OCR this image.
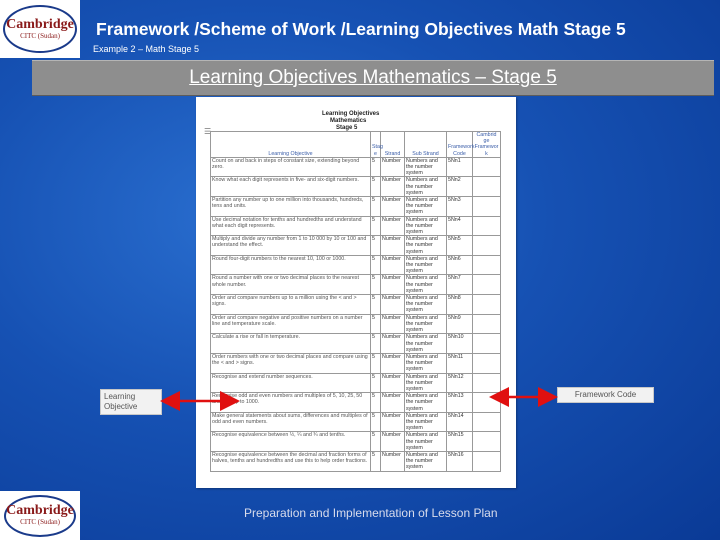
Cambridge
CITC (Sudan) Framework /Scheme of Work /Learning Objectives Math Stage 5
Example 2 – Math Stage 5
Learning Objectives Mathematics – Stage 5
Learning Objectives
Mathematics
Stage 5
☰
Learning Objective	Stag e	Strand	Sub Strand	Framework Code	Cambrid ge Framewor k
Count on and back in steps of constant size, extending beyond zero.	5	Number	Numbers and the number system	5Nn1	
Know what each digit represents in five- and six-digit numbers.	5	Number	Numbers and the number system	5Nn2	
Partition any number up to one million into thousands, hundreds, tens and units.	5	Number	Numbers and the number system	5Nn3	
Use decimal notation for tenths and hundredths and understand what each digit represents.	5	Number	Numbers and the number system	5Nn4	
Multiply and divide any number from 1 to 10 000 by 10 or 100 and understand the effect.	5	Number	Numbers and the number system	5Nn5	
Round four-digit numbers to the nearest 10, 100 or 1000.	5	Number	Numbers and the number system	5Nn6	
Round a number with one or two decimal places to the nearest whole number.	5	Number	Numbers and the number system	5Nn7	
Order and compare numbers up to a million using the < and > signs.	5	Number	Numbers and the number system	5Nn8	
Order and compare negative and positive numbers on a number line and temperature scale.	5	Number	Numbers and the number system	5Nn9	
Calculate a rise or fall in temperature.	5	Number	Numbers and the number system	5Nn10	
Order numbers with one or two decimal places and compare using the < and > signs.	5	Number	Numbers and the number system	5Nn11	
Recognise and extend number sequences.	5	Number	Numbers and the number system	5Nn12	
Recognise odd and even numbers and multiples of 5, 10, 25, 50 and 100 up to 1000.	5	Number	Numbers and the number system	5Nn13	
Make general statements about sums, differences and multiples of odd and even numbers.	5	Number	Numbers and the number system	5Nn14	
Recognise equivalence between ½, ¼ and ¾ and tenths.	5	Number	Numbers and the number system	5Nn15	
Recognise equivalence between the decimal and fraction forms of halves, tenths and hundredths and use this to help order fractions.	5	Number	Numbers and the number system	5Nn16	
Learning Objective
Framework Code
Cambridge
CITC (Sudan)
Preparation and Implementation of Lesson Plan
